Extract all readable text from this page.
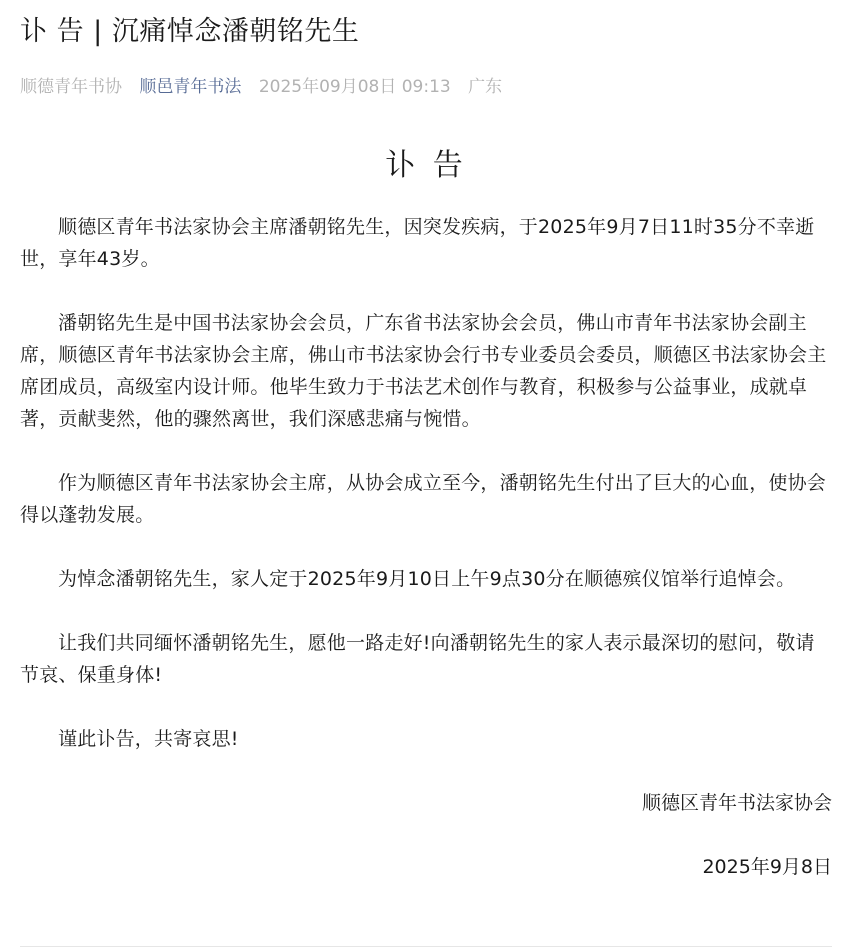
讣 告 | 沉痛悼念潘朝铭先生
顺德青年书协 顺邑青年书法 2025年09月08日 09:13 广东
讣 告

顺德区青年书法家协会主席潘朝铭先生，因突发疾病，于2025年9月7日11时35分不幸逝世，享年43岁。

潘朝铭先生是中国书法家协会会员，广东省书法家协会会员，佛山市青年书法家协会副主席，顺德区青年书法家协会主席，佛山市书法家协会行书专业委员会委员，顺德区书法家协会主席团成员，高级室内设计师。他毕生致力于书法艺术创作与教育，积极参与公益事业，成就卓著，贡献斐然，他的骤然离世，我们深感悲痛与惋惜。

作为顺德区青年书法家协会主席，从协会成立至今，潘朝铭先生付出了巨大的心血，使协会得以蓬勃发展。

为悼念潘朝铭先生，家人定于2025年9月10日上午9点30分在顺德殡仪馆举行追悼会。

让我们共同缅怀潘朝铭先生，愿他一路走好!向潘朝铭先生的家人表示最深切的慰问，敬请节哀、保重身体!

谨此讣告，共寄哀思!

顺德区青年书法家协会

2025年9月8日
